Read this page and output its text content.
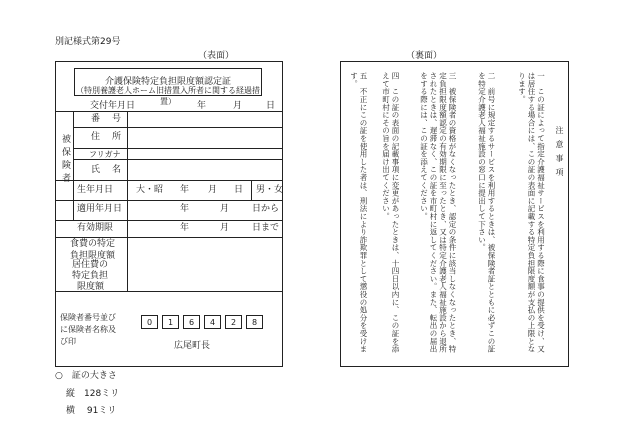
別記様式第29号
（表面）	（裏面）
介護保険特定負担限度額認定証
（特別養護老人ホーム旧措置入所者に関する経過措置）
交付年月日	年	月	日
被保険者
番号
住所
フリガナ
氏名
生年月日	大・昭 年 月 日 男・女
適用年月日	年	月	日から
有効期限	年	月	日まで
食費の特定
負担限度額
居住費の
特定負担
限度額
保険者番号並び
に保険者名称及
び印
0	1	6	4	2	8
広尾町長
注意事項
一　この証によって指定介護福祉サービスを利用する際に食事の提供を受け、又は居住する場合には、この証の表面に記載する特定負担限度額が支払の上限となります。
二　前号に規定するサービスを利用するときは、被保険者証とともに必ずこの証を特定介護老人福祉施設の窓口に提出して下さい。
三　被保険者の資格がなくなったとき、認定の条件に該当しなくなったとき、特定負担限度額認定の有効期限に至ったとき、又は特定介護老人福祉施設から退所されたときは、遅滞なく、この証を市町村に返してください。また、転出の届出をする際には、この証を添えてください。
四　この証の表面の記載事項に変更があったときは、十四日以内に、この証を添えて市町村にその旨を届け出てください。
五　不正にこの証を使用した者は、刑法により詐欺罪として懲役の処分を受けます。
○　証の大きさ
縦　128ミリ
横　 91ミリ
